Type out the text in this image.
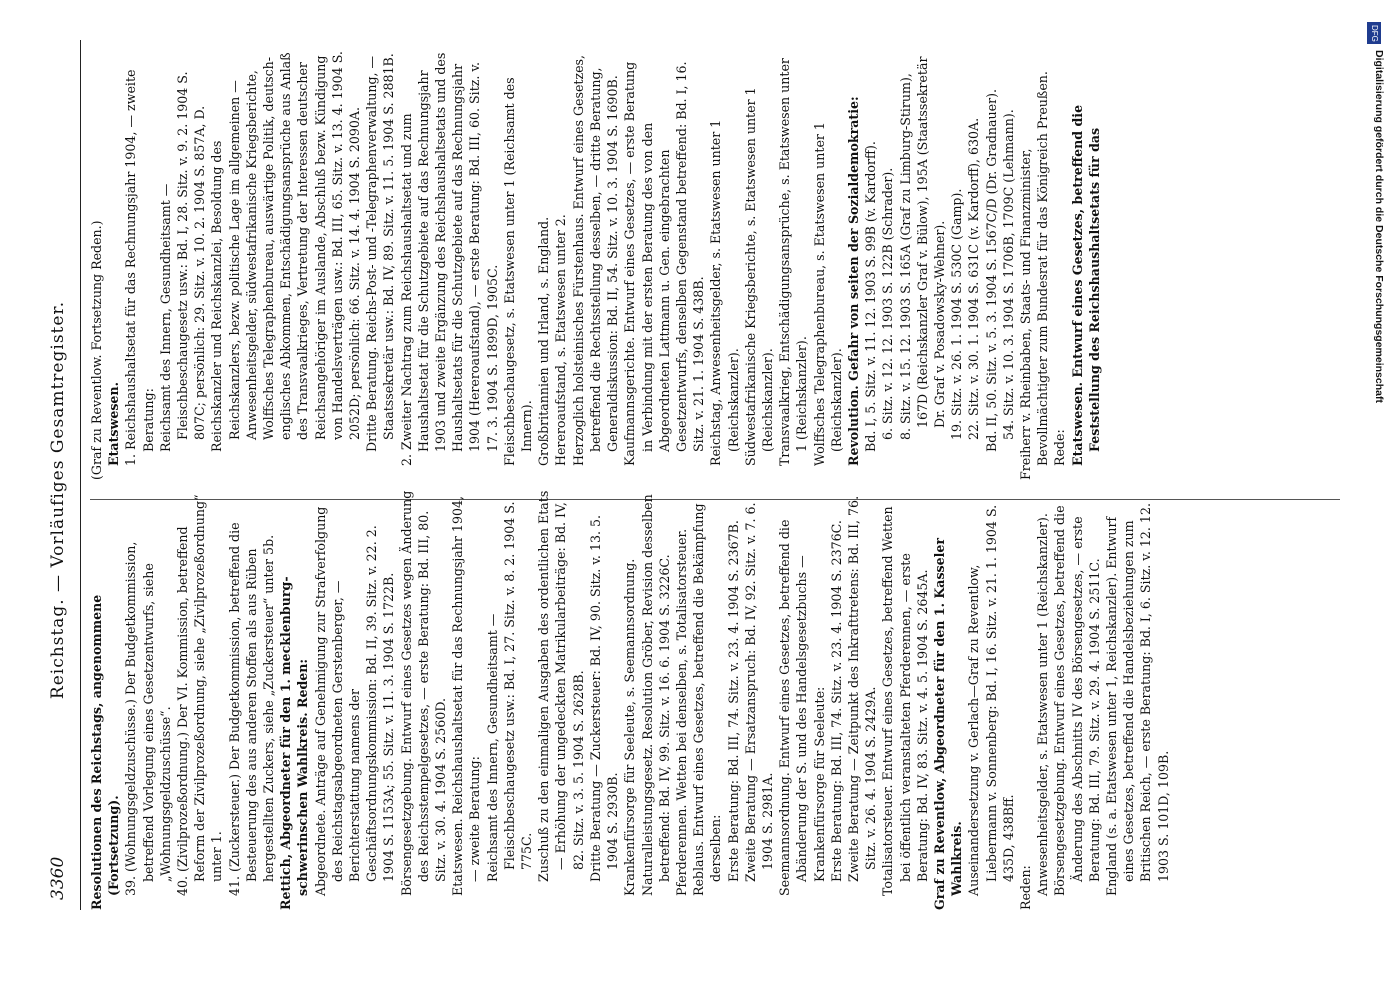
3360
Reichstag. — Vorläufiges Gesamtregister.

Resolutionen des Reichstags, angenommene (Fortsetzung). 39. (Wohnungsgeldzuschüsse.) Der Budgetkommission, betreffend Vorlegung eines Gesetzentwurfs, siehe „Wohnungsgeldzuschüsse“. 40. (Zivilprozeßordnung.) Der VI. Kommission, betreffend Reform der Zivilprozeßordnung, siehe „Zivilprozeßordnung“ unter 1. 41. (Zuckersteuer.) Der Budgetkommission, betreffend die Besteuerung des aus anderen Stoffen als aus Rüben hergestellten Zuckers, siehe „Zuckersteuer“ unter 5b. Rettich, Abgeordneter für den 1. mecklenburg-schwerinschen Wahlkreis. Reden: Abgeordnete. Anträge auf Genehmigung zur Strafverfolgung des Reichstagsabgeordneten Gerstenberger, — Berichterstattung namens der Geschäftsordnungskommission: Bd. II, 39. Sitz. v. 22. 2. 1904 S. 1153A; 55. Sitz. v. 11. 3. 1904 S. 1722B. Börsengesetzgebung. Entwurf eines Gesetzes wegen Änderung des Reichsstempelgesetzes, — erste Beratung: Bd. III, 80. Sitz. v. 30. 4. 1904 S. 2560D. Etatswesen. Reichshaushaltsetat für das Rechnungsjahr 1904, — zweite Beratung: Reichsamt des Innern, Gesundheitsamt — Fleischbeschaugesetz usw.: Bd. I, 27. Sitz. v. 8. 2. 1904 S. 775C. Zuschuß zu den einmaligen Ausgaben des ordentlichen Etats — Erhöhung der ungedeckten Matrikularbeiträge: Bd. IV, 82. Sitz. v. 3. 5. 1904 S. 2628B. Dritte Beratung — Zuckersteuer: Bd. IV, 90. Sitz. v. 13. 5. 1904 S. 2930B. Krankenfürsorge für Seeleute, s. Seemannsordnung. Naturalleistungsgesetz. Resolution Gröber, Revision desselben betreffend: Bd. IV, 99. Sitz. v. 16. 6. 1904 S. 3226C. Pferderennen. Wetten bei denselben, s. Totalisatorsteuer. Reblaus. Entwurf eines Gesetzes, betreffend die Bekämpfung derselben: Erste Beratung: Bd. III, 74. Sitz. v. 23. 4. 1904 S. 2367B. Zweite Beratung — Ersatzanspruch: Bd. IV, 92. Sitz. v. 7. 6. 1904 S. 2981A. Seemannsordnung. Entwurf eines Gesetzes, betreffend die Abänderung der S. und des Handelsgesetzbuchs — Krankenfürsorge für Seeleute: Erste Beratung: Bd. III, 74. Sitz. v. 23. 4. 1904 S. 2376C. Zweite Beratung — Zeitpunkt des Inkrafttretens: Bd. III, 76. Sitz. v. 26. 4. 1904 S. 2429A. Totalisatorsteuer. Entwurf eines Gesetzes, betreffend Wetten bei öffentlich veranstalteten Pferderennen, — erste Beratung: Bd. IV, 83. Sitz. v. 4. 5. 1904 S. 2645A. Graf zu Reventlow, Abgeordneter für den 1. Kasseler Wahlkreis. Auseinandersetzung v. Gerlach—Graf zu Reventlow, Liebermann v. Sonnenberg: Bd. I, 16. Sitz. v. 21. 1. 1904 S. 435D, 438Bff.

Reden: Anwesenheitsgelder, s. Etatswesen unter 1 (Reichskanzler). Börsengesetzgebung. Entwurf eines Gesetzes, betreffend die Änderung des Abschnitts IV des Börsengesetzes, — erste Beratung: Bd. III, 79. Sitz. v. 29. 4. 1904 S. 2511C. England (s. a. Etatswesen unter 1, Reichskanzler). Entwurf eines Gesetzes, betreffend die Handelsbeziehungen zum Britischen Reich, — erste Beratung: Bd. I, 6. Sitz. v. 12. 12. 1903 S. 101D, 109B.

(Graf zu Reventlow. Fortsetzung Reden.) Etatswesen. 1. Reichshaushaltsetat für das Rechnungsjahr 1904, — zweite Beratung: Reichsamt des Innern, Gesundheitsamt — Fleischbeschaugesetz usw.: Bd. I, 28. Sitz. v. 9. 2. 1904 S. 807C; persönlich: 29. Sitz. v. 10. 2. 1904 S. 857A, D. Reichskanzler und Reichskanzlei, Besoldung des Reichskanzlers, bezw. politische Lage im allgemeinen — Anwesenheitsgelder, südwestafrikanische Kriegsberichte, Wolffsches Telegraphenbureau, auswärtige Politik, deutsch-englisches Abkommen, Entschädigungsansprüche aus Anlaß des Transvaalkrieges, Vertretung der Interessen deutscher Reichsangehöriger im Auslande, Abschluß bezw. Kündigung von Handelsverträgen usw.: Bd. III, 65. Sitz. v. 13. 4. 1904 S. 2052D; persönlich: 66. Sitz. v. 14. 4. 1904 S. 2090A. Dritte Beratung. Reichs-Post- und -Telegraphenverwaltung, — Staatssekretär usw.: Bd. IV, 89. Sitz. v. 11. 5. 1904 S. 2881B. 2. Zweiter Nachtrag zum Reichshaushaltsetat und zum Haushaltsetat für die Schutzgebiete auf das Rechnungsjahr 1903 und zweite Ergänzung des Reichshaushaltsetats und des Haushaltsetats für die Schutzgebiete auf das Rechnungsjahr 1904 (Hereroaufstand), — erste Beratung: Bd. III, 60. Sitz. v. 17. 3. 1904 S. 1899D, 1905C. Fleischbeschaugesetz, s. Etatswesen unter 1 (Reichsamt des Innern). Großbritannien und Irland, s. England. Hereroaufstand, s. Etatswesen unter 2. Herzoglich holsteinisches Fürstenhaus. Entwurf eines Gesetzes, betreffend die Rechtsstellung desselben, — dritte Beratung, Generaldiskussion: Bd. II, 54. Sitz. v. 10. 3. 1904 S. 1690B. Kaufmannsgerichte. Entwurf eines Gesetzes, — erste Beratung in Verbindung mit der ersten Beratung des von den Abgeordneten Lattmann u. Gen. eingebrachten Gesetzentwurfs, denselben Gegenstand betreffend: Bd. I, 16. Sitz. v. 21. 1. 1904 S. 438B. Reichstag, Anwesenheitsgelder, s. Etatswesen unter 1 (Reichskanzler). Südwestafrikanische Kriegsberichte, s. Etatswesen unter 1 (Reichskanzler). Transvaalkrieg, Entschädigungsansprüche, s. Etatswesen unter 1 (Reichskanzler). Wolffsches Telegraphenbureau, s. Etatswesen unter 1 (Reichskanzler). Revolution. Gefahr von seiten der Sozialdemokratie: Bd. I, 5. Sitz. v. 11. 12. 1903 S. 99B (v. Kardorff). 6. Sitz. v. 12. 12. 1903 S. 122B (Schrader). 8. Sitz. v. 15. 12. 1903 S. 165A (Graf zu Limburg-Stirum), 167D (Reichskanzler Graf v. Bülow), 195A (Staatssekretär Dr. Graf v. Posadowsky-Wehner). 19. Sitz. v. 26. 1. 1904 S. 530C (Gamp). 22. Sitz. v. 30. 1. 1904 S. 631C (v. Kardorff), 630A. Bd. II, 50. Sitz. v. 5. 3. 1904 S. 1567C/D (Dr. Gradnauer). 54. Sitz. v. 10. 3. 1904 S. 1706B, 1709C (Lehmann). Freiherr v. Rheinbaben, Staats- und Finanzminister, Bevollmächtigter zum Bundesrat für das Königreich Preußen. Rede: Etatswesen. Entwurf eines Gesetzes, betreffend die Feststellung des Reichshaushaltsetats für das	Digitalisierung gefördert durch die Deutsche Forschungsgemeinschaft
DFG
